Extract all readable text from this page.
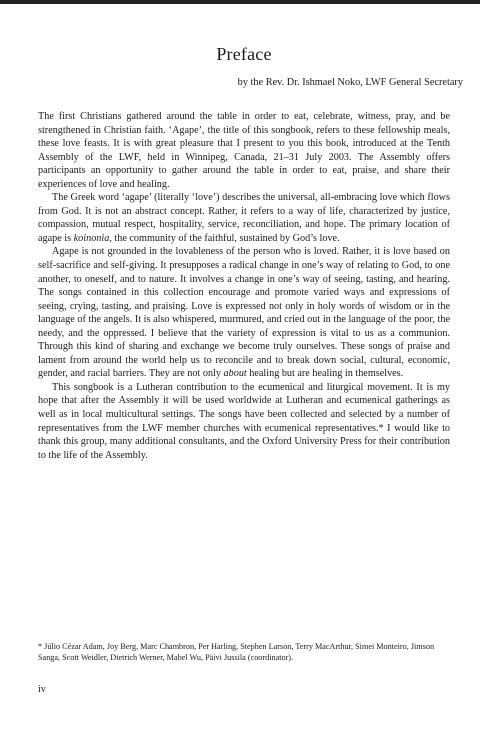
Preface

by the Rev. Dr. Ishmael Noko, LWF General Secretary

The first Christians gathered around the table in order to eat, celebrate, witness, pray, and be strengthened in Christian faith. ‘Agape’, the title of this songbook, refers to these fellowship meals, these love feasts. It is with great pleasure that I present to you this book, introduced at the Tenth Assembly of the LWF, held in Winnipeg, Canada, 21–31 July 2003. The Assembly offers participants an opportunity to gather around the table in order to eat, praise, and share their experiences of love and healing.

The Greek word ‘agape’ (literally ‘love’) describes the universal, all-embracing love which flows from God. It is not an abstract concept. Rather, it refers to a way of life, characterized by justice, compassion, mutual respect, hospitality, service, reconciliation, and hope. The primary location of agape is koinonia, the community of the faithful, sustained by God’s love.

Agape is not grounded in the lovableness of the person who is loved. Rather, it is love based on self-sacrifice and self-giving. It presupposes a radical change in one’s way of relating to God, to one another, to oneself, and to nature. It involves a change in one’s way of seeing, tasting, and hearing. The songs contained in this collection encourage and promote varied ways and expressions of seeing, crying, tasting, and praising. Love is expressed not only in holy words of wisdom or in the language of the angels. It is also whispered, murmured, and cried out in the language of the poor, the needy, and the oppressed. I believe that the variety of expression is vital to us as a communion. Through this kind of sharing and exchange we become truly ourselves. These songs of praise and lament from around the world help us to reconcile and to break down social, cultural, economic, gender, and racial barriers. They are not only about healing but are healing in themselves.

This songbook is a Lutheran contribution to the ecumenical and liturgical movement. It is my hope that after the Assembly it will be used worldwide at Lutheran and ecumenical gatherings as well as in local multicultural settings. The songs have been collected and selected by a number of representatives from the LWF member churches with ecumenical representatives.* I would like to thank this group, many additional consultants, and the Oxford University Press for their contribution to the life of the Assembly.

* Júlio Cézar Adam, Joy Berg, Marc Chambron, Per Harling, Stephen Larson, Terry MacArthur, Simei Monteiro, Jimson Sanga, Scott Weidler, Dietrich Werner, Mabel Wu, Päivi Jussila (coordinator).

iv
